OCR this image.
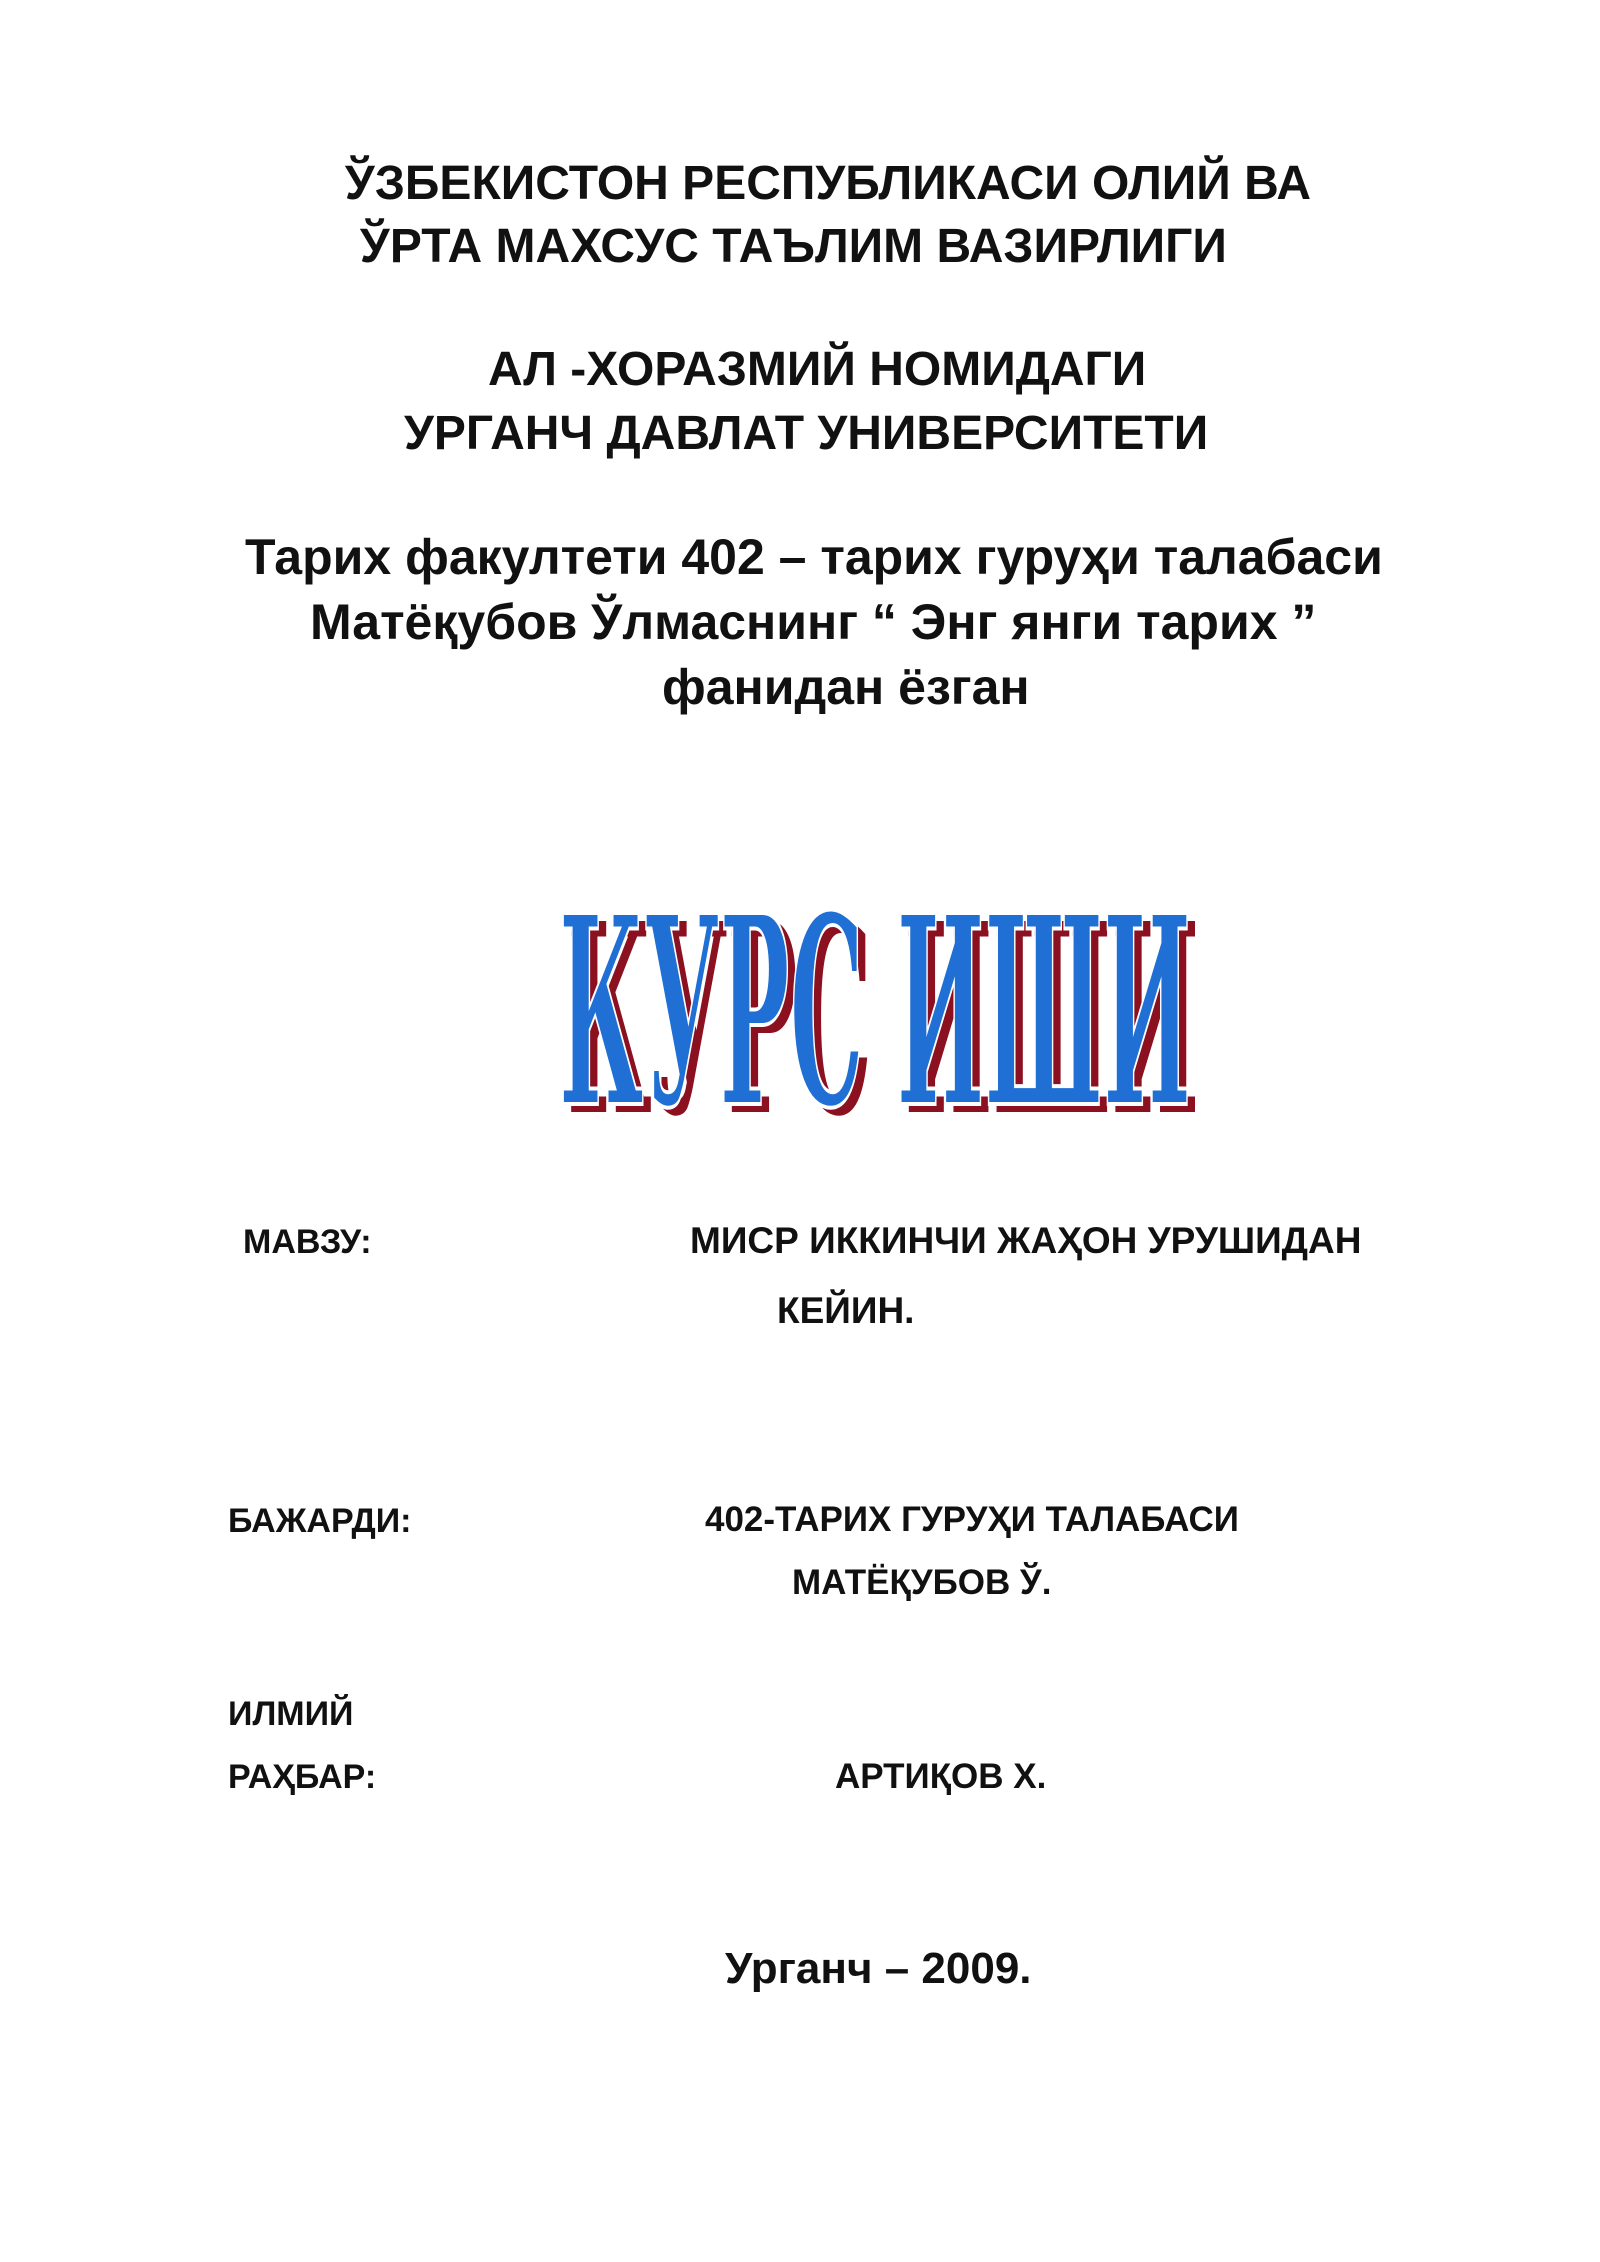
ЎЗБЕКИСТОН РЕСПУБЛИКАСИ ОЛИЙ ВА
ЎРТА МАХСУС ТАЪЛИМ ВАЗИРЛИГИ
АЛ -ХОРАЗМИЙ НОМИДАГИ
УРГАНЧ ДАВЛАТ УНИВЕРСИТЕТИ
Тарих факултети 402 – тарих гуруҳи талабаси
Матёқубов Ўлмаснинг “ Энг янги тарих ”
фанидан ёзган
КУРС ИШИ
КУРС ИШИ
МАВЗУ:	МИСР ИККИНЧИ ЖАҲОН УРУШИДАН
КЕЙИН.
БАЖАРДИ:	402-ТАРИХ ГУРУҲИ ТАЛАБАСИ
МАТЁҚУБОВ Ў.
ИЛМИЙ
РАҲБАР:	АРТИҚОВ Х.
Урганч – 2009.
